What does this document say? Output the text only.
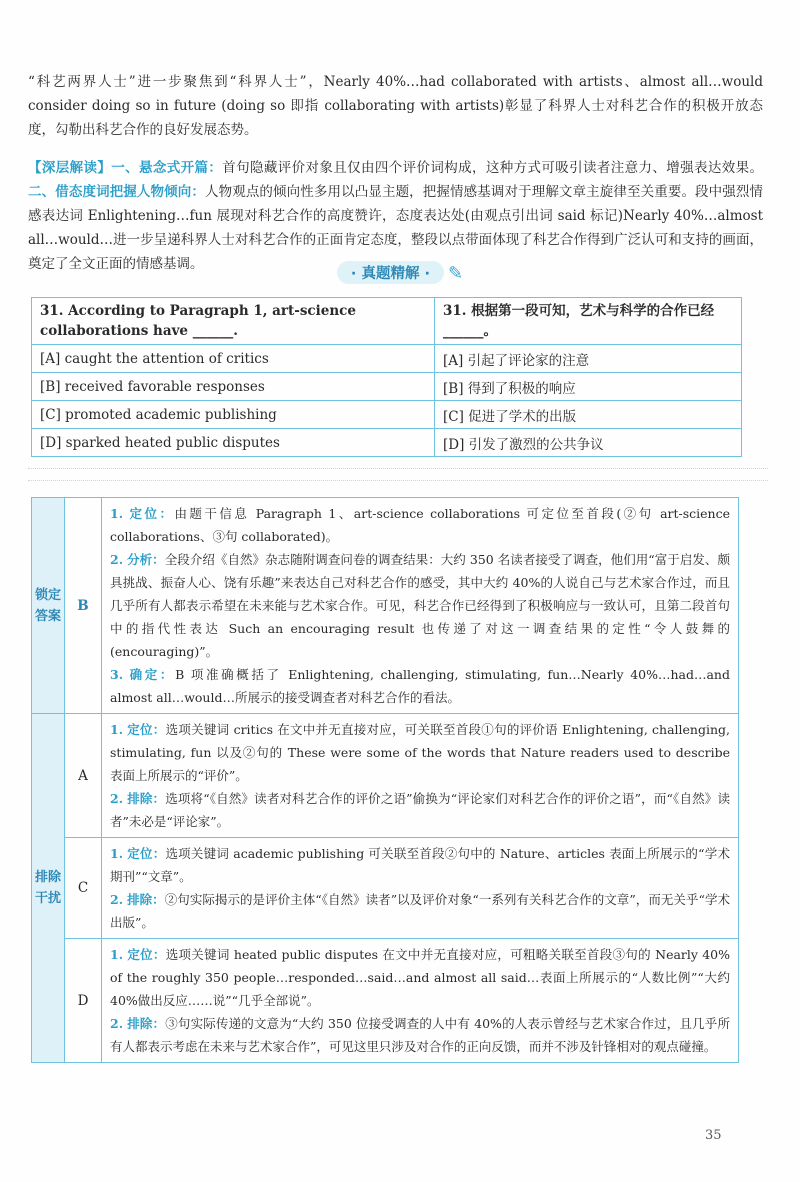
“科艺两界人士”进一步聚焦到“科界人士”，Nearly 40%…had collaborated with artists、almost all…would consider doing so in future (doing so 即指 collaborating with artists)彰显了科界人士对科艺合作的积极开放态度，勾勒出科艺合作的良好发展态势。

【深层解读】一、悬念式开篇：首句隐藏评价对象且仅由四个评价词构成，这种方式可吸引读者注意力、增强表达效果。二、借态度词把握人物倾向：人物观点的倾向性多用以凸显主题，把握情感基调对于理解文章主旋律至关重要。段中强烈情感表达词 Enlightening…fun 展现对科艺合作的高度赞许，态度表达处(由观点引出词 said 标记)Nearly 40%…almost all…would…进一步呈递科界人士对科艺合作的正面肯定态度，整段以点带面体现了科艺合作得到广泛认可和支持的画面，奠定了全文正面的情感基调。

· 真题精解 · ✎
31. According to Paragraph 1, art-science collaborations have ______.	31. 根据第一段可知，艺术与科学的合作已经______。
[A] caught the attention of critics	[A] 引起了评论家的注意
[B] received favorable responses	[B] 得到了积极的响应
[C] promoted academic publishing	[C] 促进了学术的出版
[D] sparked heated public disputes	[D] 引发了激烈的公共争议
锁定答案	B	1. 定位：由题干信息 Paragraph 1、art-science collaborations 可定位至首段(②句 art-science collaborations、③句 collaborated)。

2. 分析：全段介绍《自然》杂志随附调查问卷的调查结果：大约 350 名读者接受了调查，他们用“富于启发、颇具挑战、振奋人心、饶有乐趣”来表达自己对科艺合作的感受，其中大约 40%的人说自己与艺术家合作过，而且几乎所有人都表示希望在未来能与艺术家合作。可见，科艺合作已经得到了积极响应与一致认可，且第二段首句中的指代性表达 Such an encouraging result 也传递了对这一调查结果的定性“令人鼓舞的(encouraging)”。

3. 确定：B 项准确概括了 Enlightening, challenging, stimulating, fun…Nearly 40%…had…and almost all…would…所展示的接受调查者对科艺合作的看法。

排除干扰	A	1. 定位：选项关键词 critics 在文中并无直接对应，可关联至首段①句的评价语 Enlightening, challenging, stimulating, fun 以及②句的 These were some of the words that Nature readers used to describe 表面上所展示的“评价”。

2. 排除：选项将“《自然》读者对科艺合作的评价之语”偷换为“评论家们对科艺合作的评价之语”，而“《自然》读者”未必是“评论家”。

	C	1. 定位：选项关键词 academic publishing 可关联至首段②句中的 Nature、articles 表面上所展示的“学术期刊”“文章”。

2. 排除：②句实际揭示的是评价主体“《自然》读者”以及评价对象“一系列有关科艺合作的文章”，而无关乎“学术出版”。

	D	1. 定位：选项关键词 heated public disputes 在文中并无直接对应，可粗略关联至首段③句的 Nearly 40% of the roughly 350 people…responded…said…and almost all said…表面上所展示的“人数比例”“大约 40%做出反应……说”“几乎全部说”。

2. 排除：③句实际传递的文意为“大约 350 位接受调查的人中有 40%的人表示曾经与艺术家合作过，且几乎所有人都表示考虑在未来与艺术家合作”，可见这里只涉及对合作的正向反馈，而并不涉及针锋相对的观点碰撞。

35
